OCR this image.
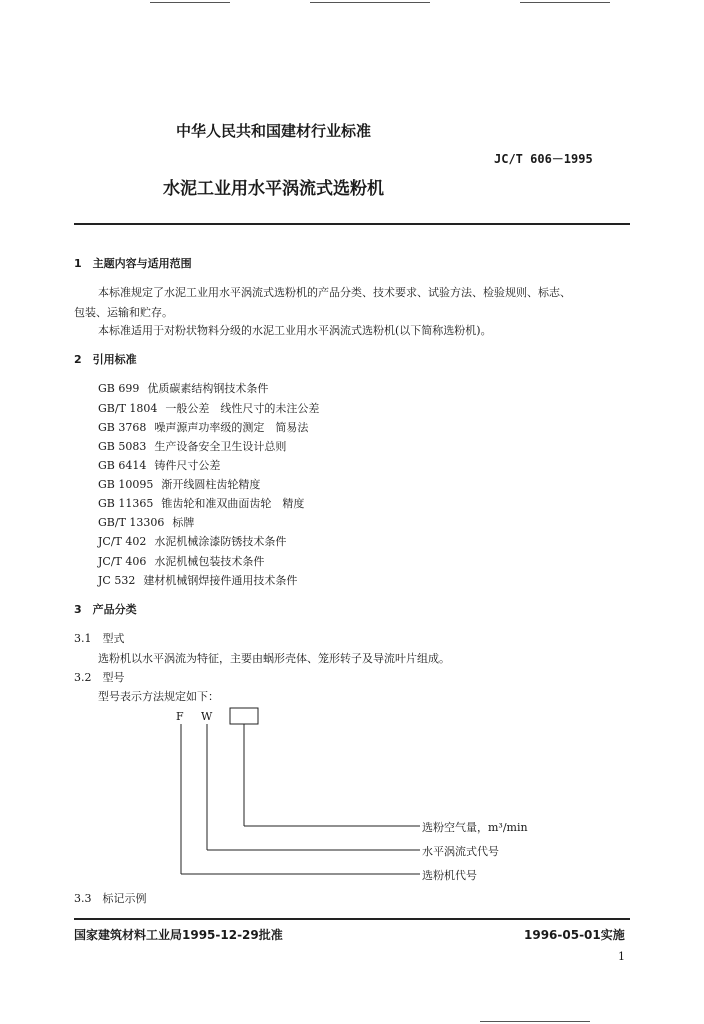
中华人民共和国建材行业标准
JC/T 606－1995
水泥工业用水平涡流式选粉机
1　主题内容与适用范围
本标准规定了水泥工业用水平涡流式选粉机的产品分类、技术要求、试验方法、检验规则、标志、
包装、运输和贮存。
本标准适用于对粉状物料分级的水泥工业用水平涡流式选粉机(以下简称选粉机)。
2　引用标准
GB 699 优质碳素结构钢技术条件
GB/T 1804 一般公差　线性尺寸的未注公差
GB 3768 噪声源声功率级的测定　简易法
GB 5083 生产设备安全卫生设计总则
GB 6414 铸件尺寸公差
GB 10095 渐开线圆柱齿轮精度
GB 11365 锥齿轮和准双曲面齿轮　精度
GB/T 13306 标牌
JC/T 402 水泥机械涂漆防锈技术条件
JC/T 406 水泥机械包装技术条件
JC 532 建材机械钢焊接件通用技术条件
3　产品分类
3.1　型式
选粉机以水平涡流为特征，主要由蜗形壳体、笼形转子及导流叶片组成。
3.2　型号
型号表示方法规定如下：
F W
选粉空气量，m³/min
水平涡流式代号
选粉机代号
3.3　标记示例
国家建筑材料工业局1995-12-29批准	1996-05-01实施
1
